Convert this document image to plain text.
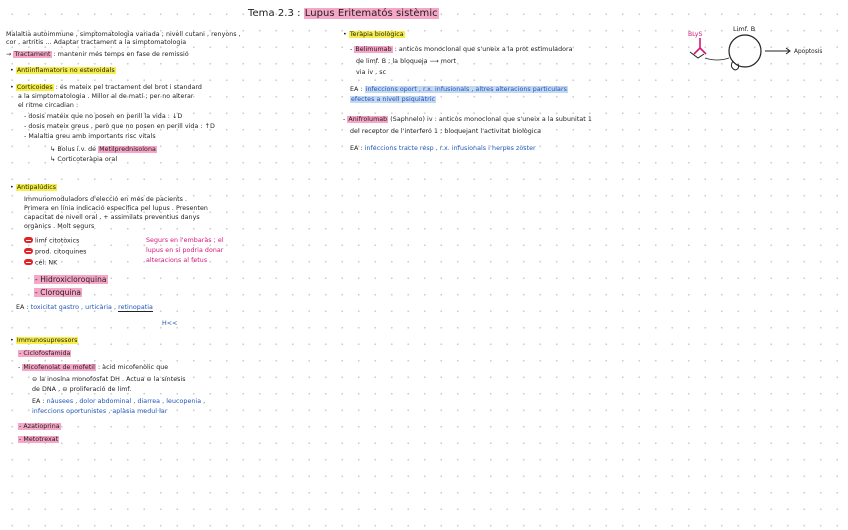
Tema 2.3 : Lupus Eritematós sistèmic
Malaltia autoimmune , simptomatologia variada ; nivell cutani , renyons ,
cor , artritis ... Adaptar tractament a la simptomatologia
→ Tractament : mantenir més temps en fase de remissió
• Antiinflamatoris no esteroidals
• Corticoides : és mateix pel tractament del brot i standard
a la simptomatologia . Millor al de matí ; per no alterar
el ritme circadian :
- dosis mateix que no posen en perill la vida : ↓D
- dosis mateix greus , però que no posen en perill vida : ↑D
- Malaltia greu amb importants risc vitals
↳ Bolus i.v. de Metilprednisolona
↳ Corticoteràpia oral
• Antipalúdics
Immunomoduladors d'elecció en més de pacients .
Primera en línia indicació específica pel lupus . Presenten
capacitat de nivell oral , + assimilats preventius danys
orgànics . Molt segurs
limf citotòxics
prod. citoquines
cél. NK
Segurs en l'embaràs ; el
lupus en sí podria donar
alteracions al fetus
- Hidroxicloroquina
- Cloroquina
EA : toxicitat gastro , urticària , retinopatia
H<<
• Immunosupressors
- Ciclofosfamida
- Micofenolat de mofetil : àcid micofenòlic que
⊖ la inosina monofosfat DH . Actua ⊖ la síntesis
de DNA , ⊖ proliferació de limf.
EA : nàusees , dolor abdominal , diarrea , leucopenia ,
infeccions oportunistes , aplàsia medul·lar
- Azatioprina
- Metotrexat
• Teràpia biològica
- Belimumab : anticòs monoclonal que s'uneix a la prot estimuladora
de limf. B ; la bloqueja ⟶ mort
via iv , sc
EA : infeccions oport , r.x. infusionals , altres alteracions particulars
efectes a nivell psiquiàtric
- Anifrolumab (Saphnelo) iv : anticòs monoclonal que s'uneix a la subunitat 1
del receptor de l'interferó 1 ; bloquejant l'activitat biològica
EA : infeccions tracte resp , r.x. infusionals i herpes zòster
Limf. B
BLyS
Apoptosis
